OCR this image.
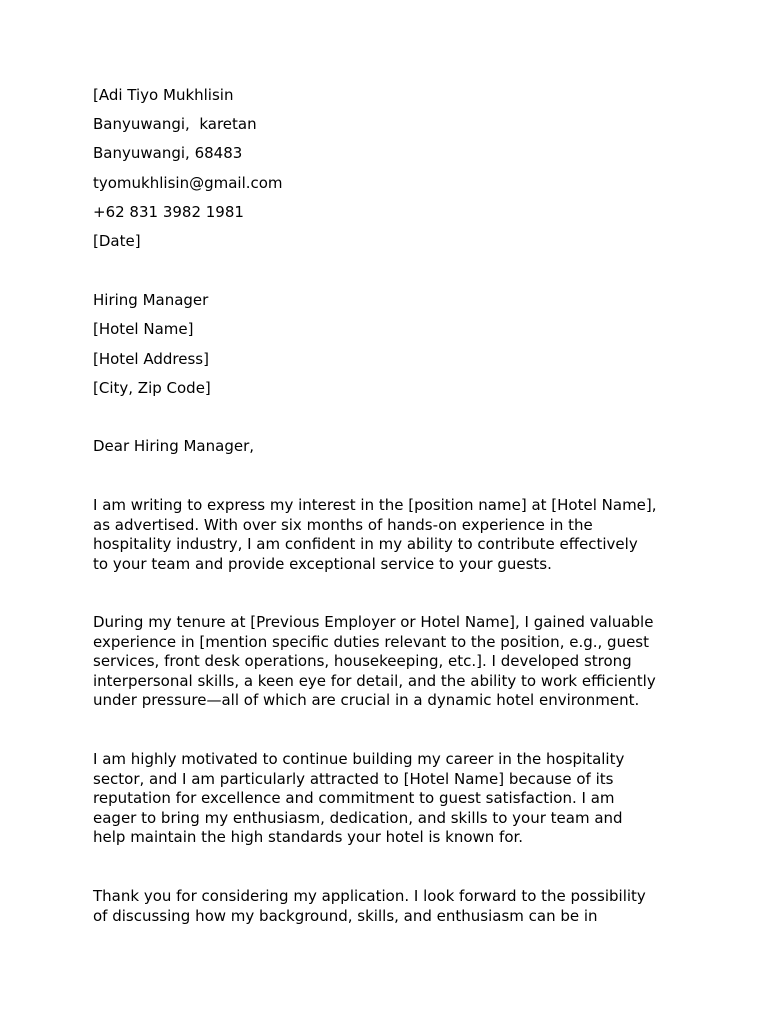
[Adi Tiyo Mukhlisin

Banyuwangi,  karetan

Banyuwangi, 68483

tyomukhlisin@gmail.com

+62 831 3982 1981

[Date]

Hiring Manager

[Hotel Name]

[Hotel Address]

[City, Zip Code]

Dear Hiring Manager,

I am writing to express my interest in the [position name] at [Hotel Name],
as advertised. With over six months of hands-on experience in the
hospitality industry, I am confident in my ability to contribute effectively
to your team and provide exceptional service to your guests.
During my tenure at [Previous Employer or Hotel Name], I gained valuable
experience in [mention specific duties relevant to the position, e.g., guest
services, front desk operations, housekeeping, etc.]. I developed strong
interpersonal skills, a keen eye for detail, and the ability to work efficiently
under pressure—all of which are crucial in a dynamic hotel environment.
I am highly motivated to continue building my career in the hospitality
sector, and I am particularly attracted to [Hotel Name] because of its
reputation for excellence and commitment to guest satisfaction. I am
eager to bring my enthusiasm, dedication, and skills to your team and
help maintain the high standards your hotel is known for.
Thank you for considering my application. I look forward to the possibility
of discussing how my background, skills, and enthusiasm can be in
